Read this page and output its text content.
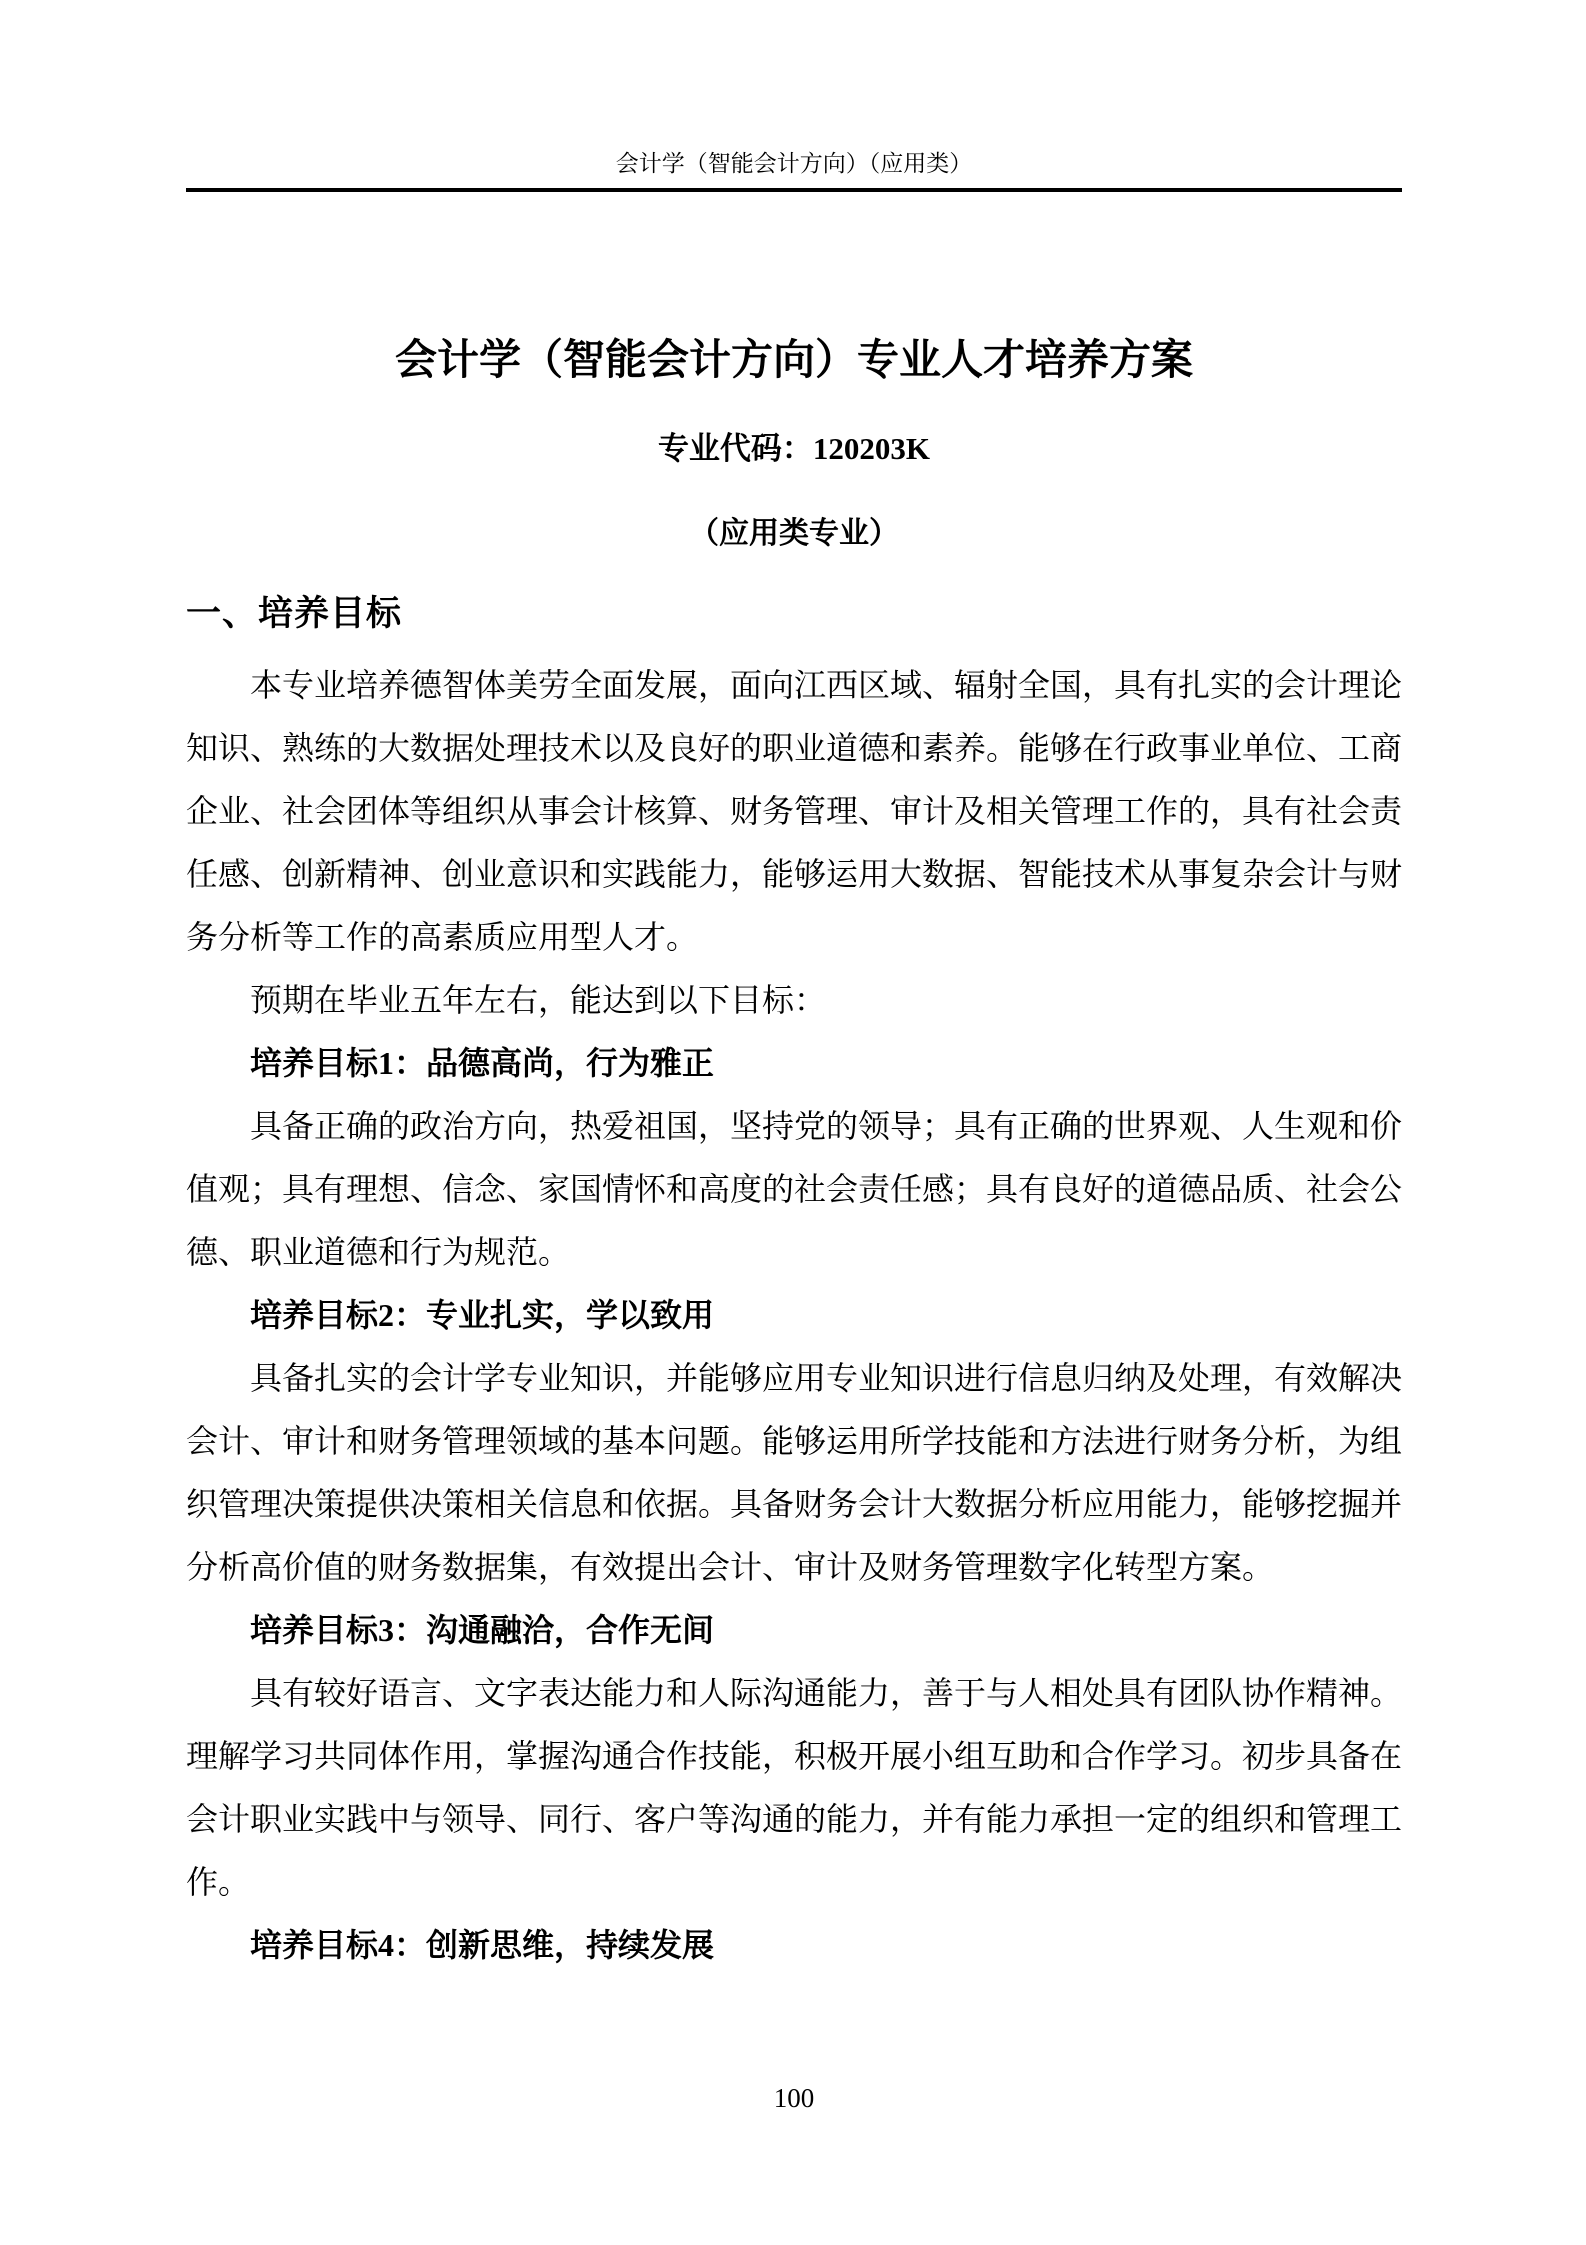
会计学（智能会计方向）（应用类）
会计学（智能会计方向）专业人才培养方案
专业代码：120203K
（应用类专业）
一、培养目标

本专业培养德智体美劳全面发展，面向江西区域、辐射全国，具有扎实的会计理论知识、熟练的大数据处理技术以及良好的职业道德和素养。能够在行政事业单位、工商企业、社会团体等组织从事会计核算、财务管理、审计及相关管理工作的，具有社会责任感、创新精神、创业意识和实践能力，能够运用大数据、智能技术从事复杂会计与财务分析等工作的高素质应用型人才。

预期在毕业五年左右，能达到以下目标：

培养目标1：品德高尚，行为雅正

具备正确的政治方向，热爱祖国，坚持党的领导；具有正确的世界观、人生观和价值观；具有理想、信念、家国情怀和高度的社会责任感；具有良好的道德品质、社会公德、职业道德和行为规范。

培养目标2：专业扎实，学以致用

具备扎实的会计学专业知识，并能够应用专业知识进行信息归纳及处理，有效解决会计、审计和财务管理领域的基本问题。能够运用所学技能和方法进行财务分析，为组织管理决策提供决策相关信息和依据。具备财务会计大数据分析应用能力，能够挖掘并分析高价值的财务数据集，有效提出会计、审计及财务管理数字化转型方案。

培养目标3：沟通融洽，合作无间

具有较好语言、文字表达能力和人际沟通能力，善于与人相处具有团队协作精神。理解学习共同体作用，掌握沟通合作技能，积极开展小组互助和合作学习。初步具备在会计职业实践中与领导、同行、客户等沟通的能力，并有能力承担一定的组织和管理工作。

培养目标4：创新思维，持续发展

100
